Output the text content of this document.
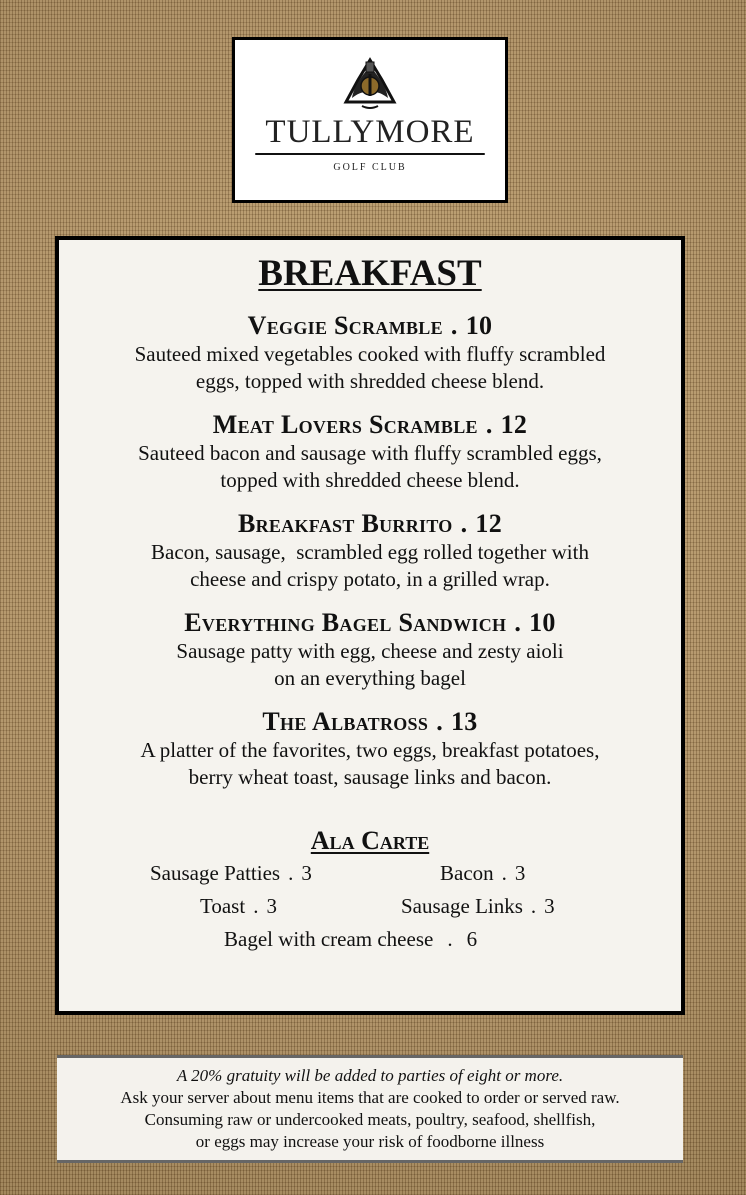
TULLYMORE
GOLF CLUB
BREAKFAST
Veggie Scramble . 10
Sauteed mixed vegetables cooked with fluffy scrambled
eggs, topped with shredded cheese blend.
Meat Lovers Scramble . 12
Sauteed bacon and sausage with fluffy scrambled eggs,
topped with shredded cheese blend.
Breakfast Burrito . 12
Bacon, sausage,  scrambled egg rolled together with
cheese and crispy potato, in a grilled wrap.
Everything Bagel Sandwich . 10
Sausage patty with egg, cheese and zesty aioli
on an everything bagel
The Albatross . 13
A platter of the favorites, two eggs, breakfast potatoes,
berry wheat toast, sausage links and bacon.
Ala Carte
Sausage Patties . 3	Bacon . 3
Toast . 3	Sausage Links . 3
Bagel with cream cheese . 6
A 20% gratuity will be added to parties of eight or more.
Ask your server about menu items that are cooked to order or served raw.
Consuming raw or undercooked meats, poultry, seafood, shellfish,
or eggs may increase your risk of foodborne illness
